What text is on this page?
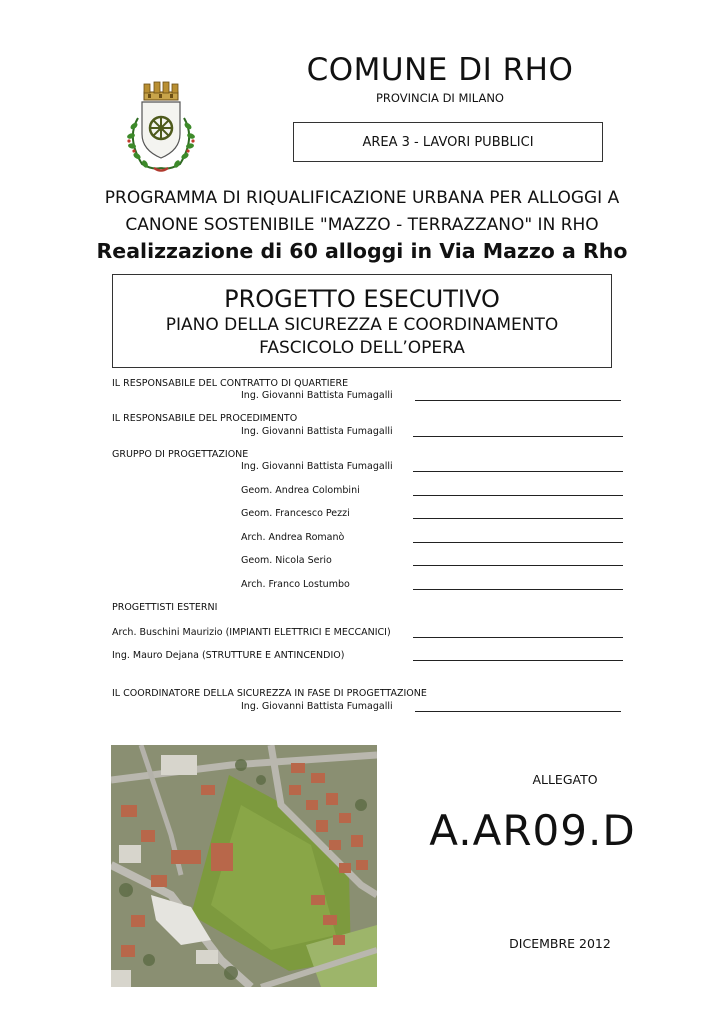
COMUNE DI RHO
PROVINCIA DI MILANO
AREA 3 - LAVORI PUBBLICI
PROGRAMMA DI RIQUALIFICAZIONE URBANA PER ALLOGGI A
CANONE SOSTENIBILE "MAZZO - TERRAZZANO" IN RHO
Realizzazione di 60 alloggi in Via Mazzo a Rho
PROGETTO ESECUTIVO
PIANO DELLA SICUREZZA E COORDINAMENTO
FASCICOLO DELL’OPERA
IL RESPONSABILE DEL CONTRATTO DI QUARTIERE
Ing. Giovanni Battista Fumagalli
IL RESPONSABILE DEL PROCEDIMENTO
Ing. Giovanni Battista Fumagalli
GRUPPO DI PROGETTAZIONE
Ing. Giovanni Battista Fumagalli
Geom. Andrea Colombini
Geom. Francesco Pezzi
Arch. Andrea Romanò
Geom. Nicola Serio
Arch. Franco Lostumbo
PROGETTISTI ESTERNI
Arch. Buschini Maurizio (IMPIANTI ELETTRICI E MECCANICI)
Ing. Mauro Dejana (STRUTTURE E ANTINCENDIO)
IL COORDINATORE DELLA SICUREZZA IN FASE DI PROGETTAZIONE
Ing. Giovanni Battista Fumagalli
ALLEGATO
A.AR09.D
DICEMBRE 2012
